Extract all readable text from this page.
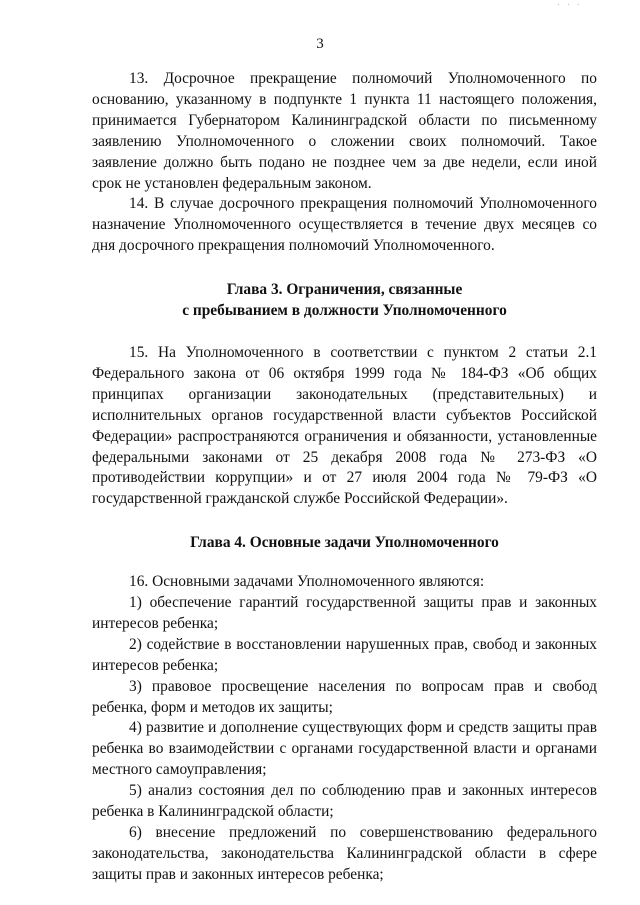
· · ·
3

13. Досрочное прекращение полномочий Уполномоченного по основанию, указанному в подпункте 1 пункта 11 настоящего положения, принимается Губернатором Калининградской области по письменному заявлению Уполномоченного о сложении своих полномочий. Такое заявление должно быть подано не позднее чем за две недели, если иной срок не установлен федеральным законом.

14. В случае досрочного прекращения полномочий Уполномоченного назначение Уполномоченного осуществляется в течение двух месяцев со дня досрочного прекращения полномочий Уполномоченного.

Глава 3. Ограничения, связанные
с пребыванием в должности Уполномоченного

15. На Уполномоченного в соответствии с пунктом 2 статьи 2.1 Федерального закона от 06 октября 1999 года № 184-ФЗ «Об общих принципах организации законодательных (представительных) и исполнительных органов государственной власти субъектов Российской Федерации» распространяются ограничения и обязанности, установленные федеральными законами от 25 декабря 2008 года № 273-ФЗ «О противодействии коррупции» и от 27 июля 2004 года № 79-ФЗ «О государственной гражданской службе Российской Федерации».

Глава 4. Основные задачи Уполномоченного

16. Основными задачами Уполномоченного являются:

1) обеспечение гарантий государственной защиты прав и законных интересов ребенка;

2) содействие в восстановлении нарушенных прав, свобод и законных интересов ребенка;

3) правовое просвещение населения по вопросам прав и свобод ребенка, форм и методов их защиты;

4) развитие и дополнение существующих форм и средств защиты прав ребенка во взаимодействии с органами государственной власти и органами местного самоуправления;

5) анализ состояния дел по соблюдению прав и законных интересов ребенка в Калининградской области;

6) внесение предложений по совершенствованию федерального законодательства, законодательства Калининградской области в сфере защиты прав и законных интересов ребенка;
